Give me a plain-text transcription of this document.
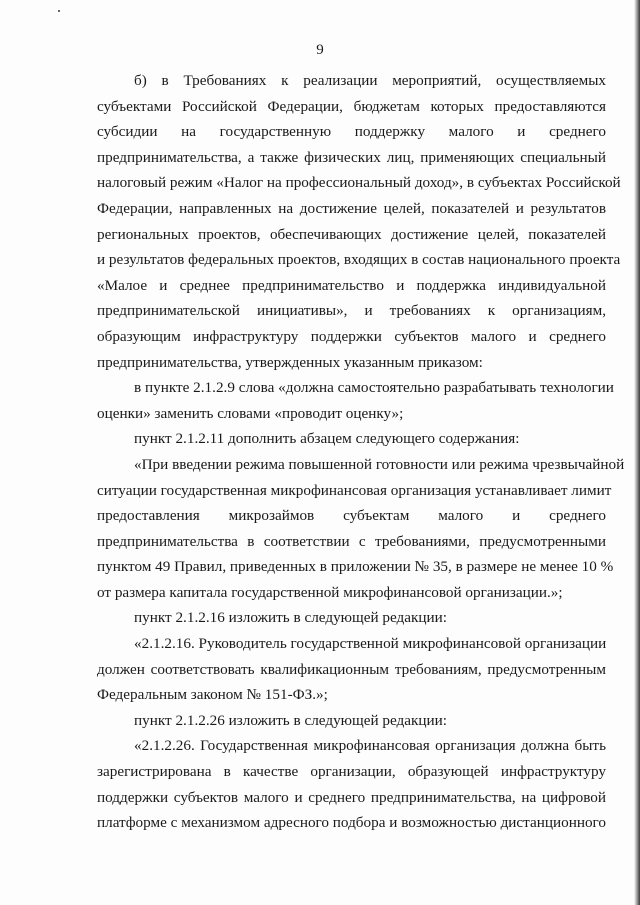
9
б) в Требованиях к реализации мероприятий, осуществляемых
субъектами Российской Федерации, бюджетам которых предоставляются
субсидии на государственную поддержку малого и среднего
предпринимательства, а также физических лиц, применяющих специальный
налоговый режим «Налог на профессиональный доход», в субъектах Российской
Федерации, направленных на достижение целей, показателей и результатов
региональных проектов, обеспечивающих достижение целей, показателей
и результатов федеральных проектов, входящих в состав национального проекта
«Малое и среднее предпринимательство и поддержка индивидуальной
предпринимательской инициативы», и требованиях к организациям,
образующим инфраструктуру поддержки субъектов малого и среднего
предпринимательства, утвержденных указанным приказом:
в пункте 2.1.2.9 слова «должна самостоятельно разрабатывать технологии
оценки» заменить словами «проводит оценку»;
пункт 2.1.2.11 дополнить абзацем следующего содержания:
«При введении режима повышенной готовности или режима чрезвычайной
ситуации государственная микрофинансовая организация устанавливает лимит
предоставления микрозаймов субъектам малого и среднего
предпринимательства в соответствии с требованиями, предусмотренными
пунктом 49 Правил, приведенных в приложении № 35, в размере не менее 10 %
от размера капитала государственной микрофинансовой организации.»;
пункт 2.1.2.16 изложить в следующей редакции:
«2.1.2.16. Руководитель государственной микрофинансовой организации
должен соответствовать квалификационным требованиям, предусмотренным
Федеральным законом № 151-ФЗ.»;
пункт 2.1.2.26 изложить в следующей редакции:
«2.1.2.26. Государственная микрофинансовая организация должна быть
зарегистрирована в качестве организации, образующей инфраструктуру
поддержки субъектов малого и среднего предпринимательства, на цифровой
платформе с механизмом адресного подбора и возможностью дистанционного
